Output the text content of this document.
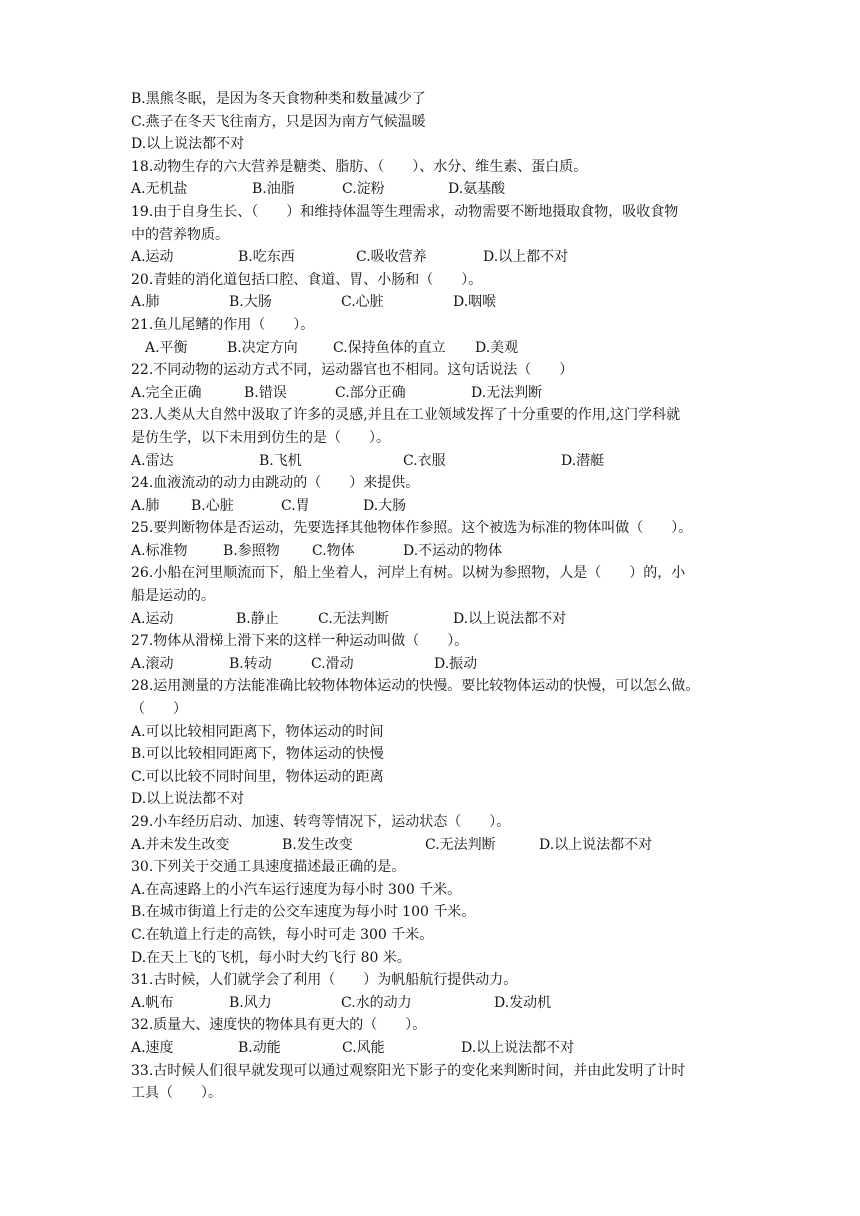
B.黑熊冬眠，是因为冬天食物种类和数量减少了
C.燕子在冬天飞往南方，只是因为南方气候温暖
D.以上说法都不对
18.动物生存的六大营养是糖类、脂肪、（　　）、水分、维生素、蛋白质。
A.无机盐	B.油脂	C.淀粉	D.氨基酸
19.由于自身生长、（　　）和维持体温等生理需求，动物需要不断地摄取食物，吸收食物
中的营养物质。
A.运动	B.吃东西	C.吸收营养	D.以上都不对
20.青蛙的消化道包括口腔、食道、胃、小肠和（　　）。
A.肺	B.大肠	C.心脏	D.咽喉
21.鱼儿尾鳍的作用（　　）。
A.平衡	B.决定方向	C.保持鱼体的直立 D.美观
22.不同动物的运动方式不同，运动器官也不相同。这句话说法（　　）
A.完全正确	B.错误	C.部分正确	D.无法判断
23.人类从大自然中汲取了许多的灵感,并且在工业领域发挥了十分重要的作用,这门学科就
是仿生学，以下未用到仿生的是（　　）。
A.雷达	B.飞机	C.衣服	D.潜艇
24.血液流动的动力由跳动的（　　）来提供。
A.肺 B.心脏	C.胃	D.大肠
25.要判断物体是否运动，先要选择其他物体作参照。这个被选为标准的物体叫做（　　）。
A.标准物	B.参照物 C.物体	D.不运动的物体
26.小船在河里顺流而下，船上坐着人，河岸上有树。以树为参照物，人是（　　）的，小
船是运动的。
A.运动	B.静止	C.无法判断	D.以上说法都不对
27.物体从滑梯上滑下来的这样一种运动叫做（　　）。
A.滚动	B.转动	C.滑动	D.振动
28.运用测量的方法能准确比较物体物体运动的快慢。要比较物体运动的快慢，可以怎么做。
（　　）
A.可以比较相同距离下，物体运动的时间
B.可以比较相同距离下，物体运动的快慢
C.可以比较不同时间里，物体运动的距离
D.以上说法都不对
29.小车经历启动、加速、转弯等情况下，运动状态（　　）。
A.并未发生改变	B.发生改变	C.无法判断	D.以上说法都不对
30.下列关于交通工具速度描述最正确的是。
A.在高速路上的小汽车运行速度为每小时 300 千米。
B.在城市街道上行走的公交车速度为每小时 100 千米。
C.在轨道上行走的高铁，每小时可走 300 千米。
D.在天上飞的飞机，每小时大约飞行 80 米。
31.古时候，人们就学会了利用（　　）为帆船航行提供动力。
A.帆布	B.风力	C.水的动力	D.发动机
32.质量大、速度快的物体具有更大的（　　）。
A.速度	B.动能	C.风能	D.以上说法都不对
33.古时候人们很早就发现可以通过观察阳光下影子的变化来判断时间，并由此发明了计时
工具（　　）。
